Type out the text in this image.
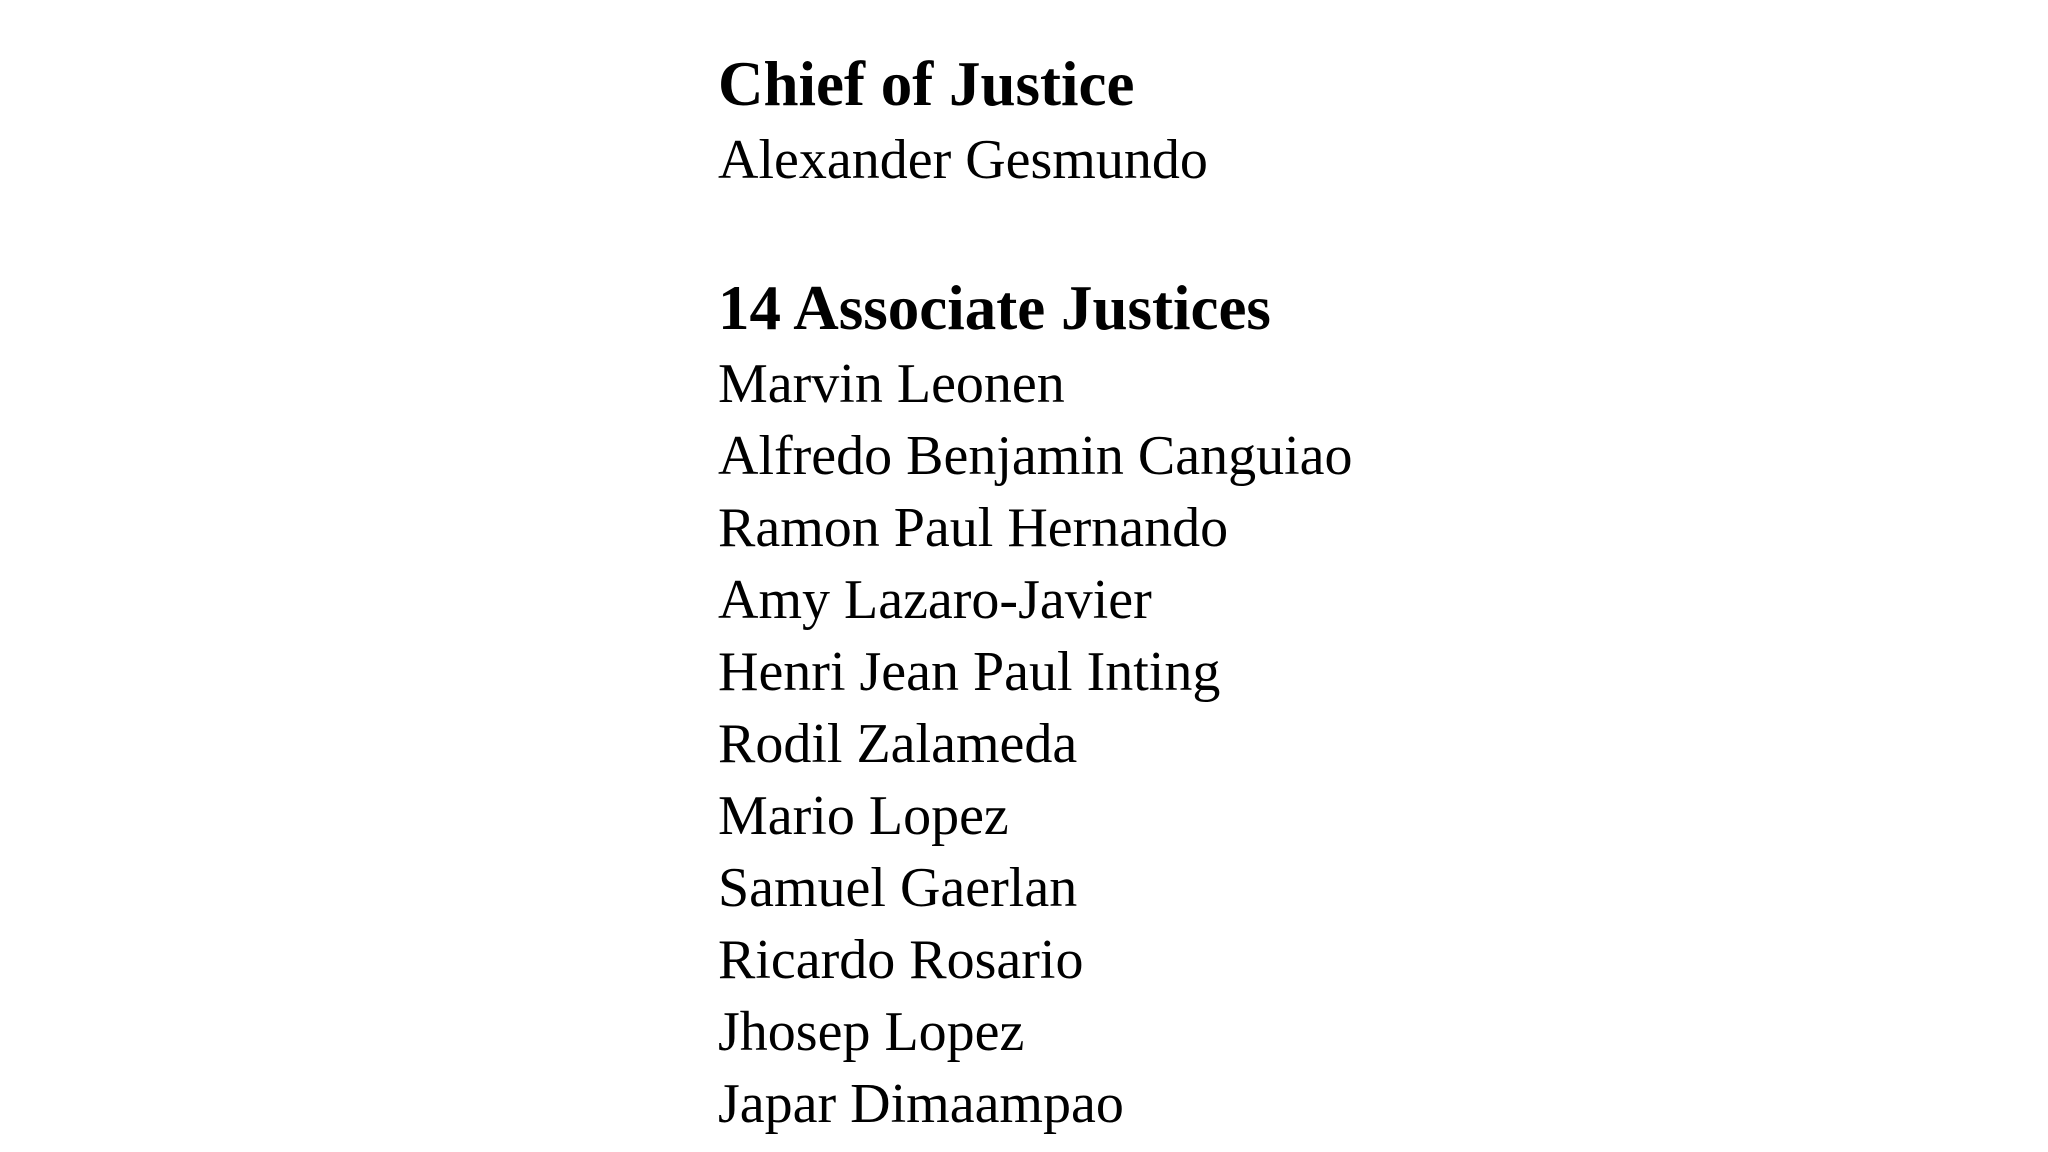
Chief of Justice
Alexander Gesmundo
14 Associate Justices
Marvin Leonen
Alfredo Benjamin Canguiao
Ramon Paul Hernando
Amy Lazaro-Javier
Henri Jean Paul Inting
Rodil Zalameda
Mario Lopez
Samuel Gaerlan
Ricardo Rosario
Jhosep Lopez
Japar Dimaampao
